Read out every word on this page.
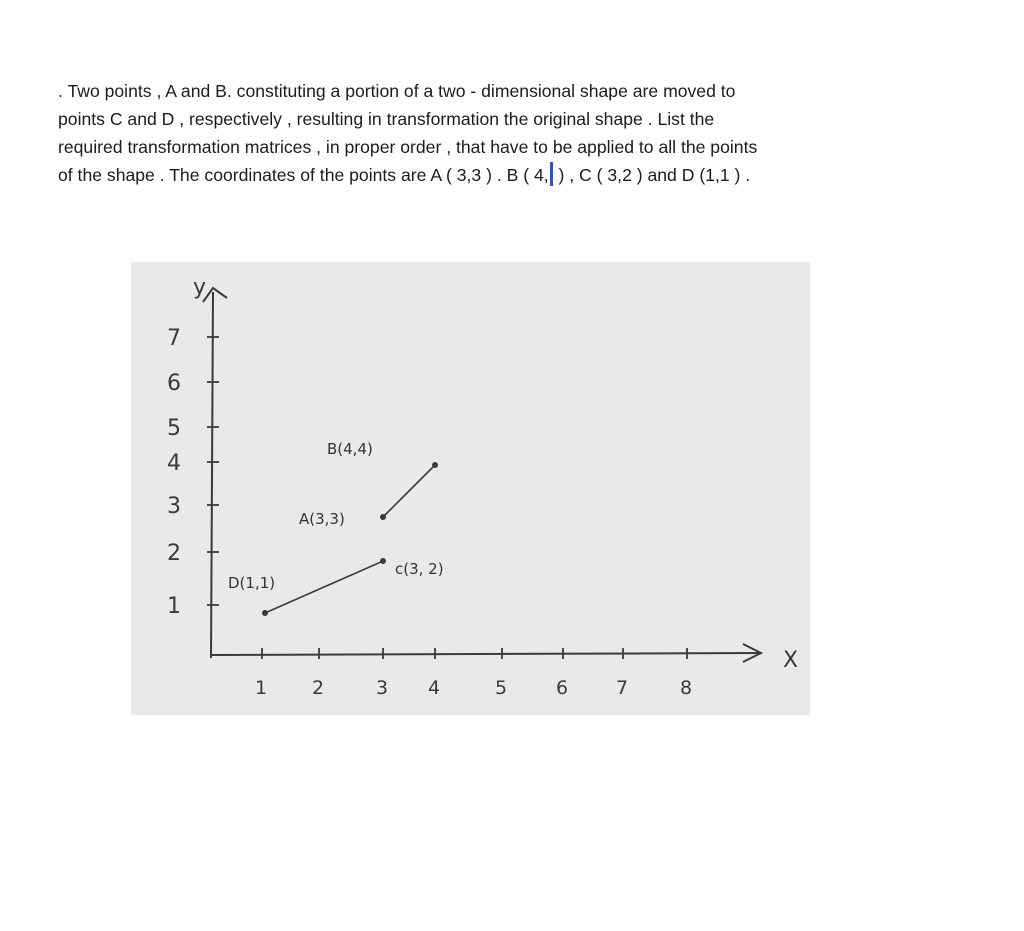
. Two points , A and B. constituting a portion of a two - dimensional shape are moved to
points C and D , respectively , resulting in transformation the original shape . List the
required transformation matrices , in proper order , that have to be applied to all the points
of the shape . The coordinates of the points are A ( 3,3 ) . B ( 4, ) , C ( 3,2 ) and D (1,1 ) .
X
y
1 2	3 4	5	6	7	8
1
2
3
4
5
6
7
A(3,3)
B(4,4)
c(3, 2)
D(1,1)
